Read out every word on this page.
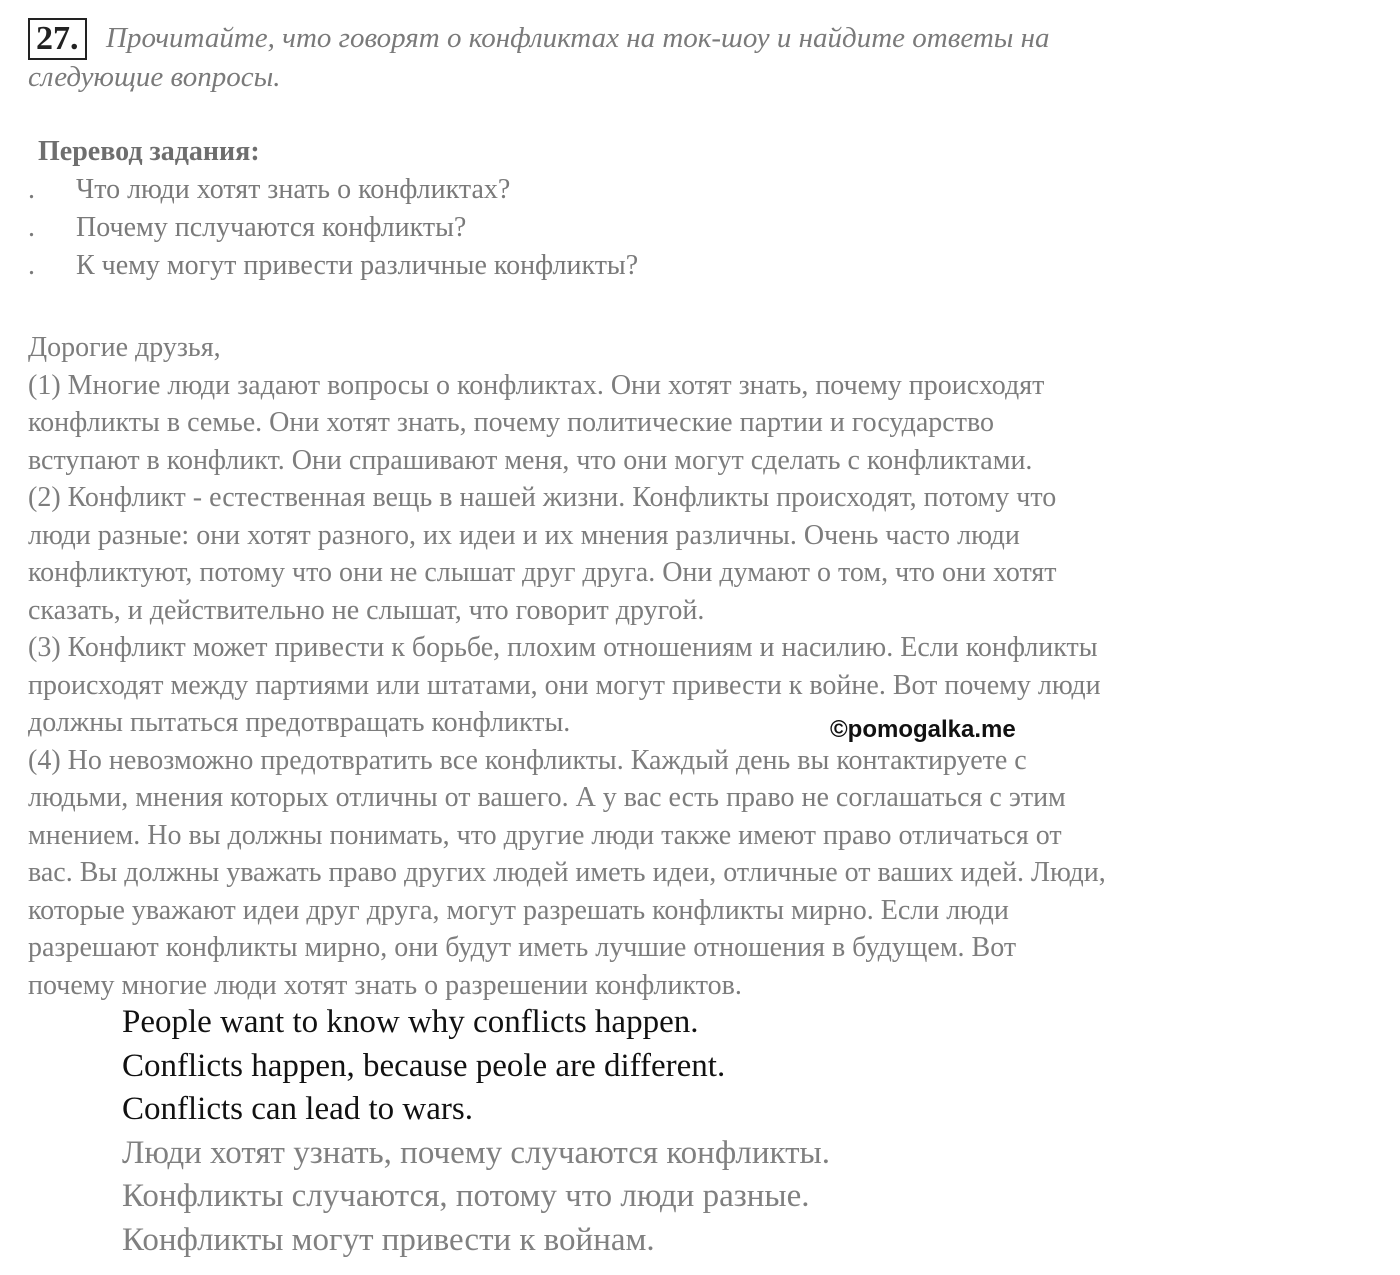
27. Прочитайте, что говорят о конфликтах на ток-шоу и найдите ответы на
следующие вопросы.
Перевод задания:
. Что люди хотят знать о конфликтах?
. Почему пслучаются конфликты?
. К чему могут привести различные конфликты?
Дорогие друзья,
(1) Многие люди задают вопросы о конфликтах. Они хотят знать, почему происходят
конфликты в семье. Они хотят знать, почему политические партии и государство
вступают в конфликт. Они спрашивают меня, что они могут сделать с конфликтами.
(2) Конфликт - естественная вещь в нашей жизни. Конфликты происходят, потому что
люди разные: они хотят разного, их идеи и их мнения различны. Очень часто люди
конфликтуют, потому что они не слышат друг друга. Они думают о том, что они хотят
сказать, и действительно не слышат, что говорит другой.
(3) Конфликт может привести к борьбе, плохим отношениям и насилию. Если конфликты
происходят между партиями или штатами, они могут привести к войне. Вот почему люди
должны пытаться предотвращать конфликты.
(4) Но невозможно предотвратить все конфликты. Каждый день вы контактируете с
людьми, мнения которых отличны от вашего. А у вас есть право не соглашаться с этим
мнением. Но вы должны понимать, что другие люди также имеют право отличаться от
вас. Вы должны уважать право других людей иметь идеи, отличные от ваших идей. Люди,
которые уважают идеи друг друга, могут разрешать конфликты мирно. Если люди
разрешают конфликты мирно, они будут иметь лучшие отношения в будущем. Вот
почему многие люди хотят знать о разрешении конфликтов.
©pomogalka.me
People want to know why conflicts happen.
Conflicts happen, because peole are different.
Conflicts can lead to wars.
Люди хотят узнать, почему случаются конфликты.
Конфликты случаются, потому что люди разные.
Конфликты могут привести к войнам.
